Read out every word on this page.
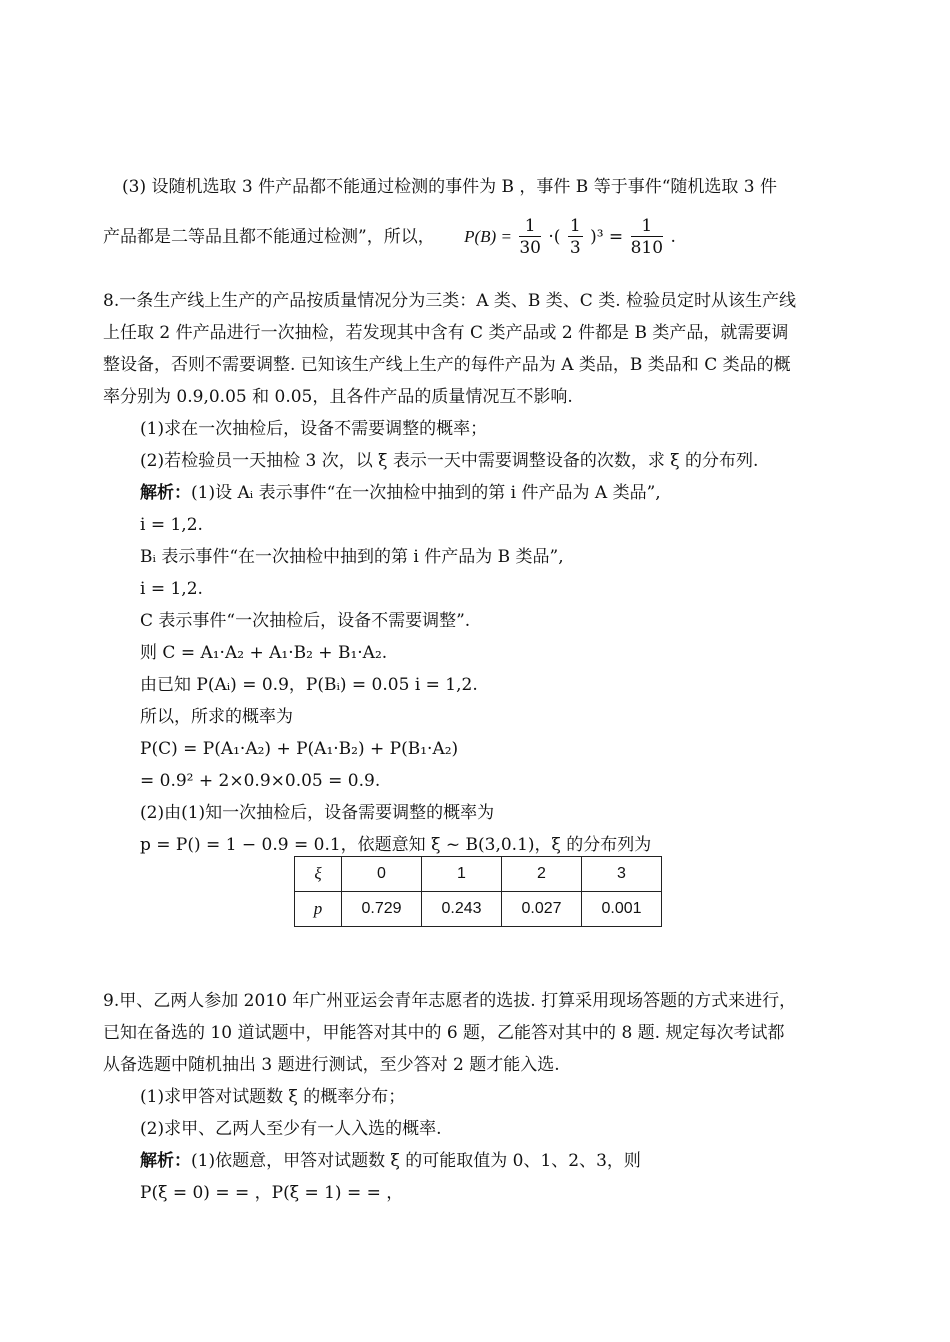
(3) 设随机选取 3 件产品都不能通过检测的事件为 B ，事件 B 等于事件“随机选取 3 件
产品都是二等品且都不能通过检测”，所以， $P(B) = \frac{1}{30}$ ·( $\frac{1}{3} )^3 = \frac{1}{810}$ .
8.一条生产线上生产的产品按质量情况分为三类：A 类、B 类、C 类. 检验员定时从该生产线
上任取 2 件产品进行一次抽检，若发现其中含有 C 类产品或 2 件都是 B 类产品，就需要调
整设备，否则不需要调整. 已知该生产线上生产的每件产品为 A 类品，B 类品和 C 类品的概
率分别为 0.9,0.05 和 0.05，且各件产品的质量情况互不影响.
(1)求在一次抽检后，设备不需要调整的概率；
(2)若检验员一天抽检 3 次，以 ξ 表示一天中需要调整设备的次数，求 ξ 的分布列.
解析：(1)设 Aᵢ 表示事件“在一次抽检中抽到的第 i 件产品为 A 类品”,
i = 1,2.
Bᵢ 表示事件“在一次抽检中抽到的第 i 件产品为 B 类品”,
i = 1,2.
C 表示事件“一次抽检后，设备不需要调整”.
则 C = A₁·A₂ + A₁·B₂ + B₁·A₂.
由已知 P(Aᵢ) = 0.9，P(Bᵢ) = 0.05 i = 1,2.
所以，所求的概率为
P(C) = P(A₁·A₂) + P(A₁·B₂) + P(B₁·A₂)
= 0.9² + 2×0.9×0.05 = 0.9.
(2)由(1)知一次抽检后，设备需要调整的概率为
p = P() = 1 − 0.9 = 0.1，依题意知 ξ ~ B(3,0.1)，ξ 的分布列为
ξ	0	1	2	3
p	0.729	0.243	0.027	0.001
9.甲、乙两人参加 2010 年广州亚运会青年志愿者的选拔. 打算采用现场答题的方式来进行，
已知在备选的 10 道试题中，甲能答对其中的 6 题，乙能答对其中的 8 题. 规定每次考试都
从备选题中随机抽出 3 题进行测试，至少答对 2 题才能入选.
(1)求甲答对试题数 ξ 的概率分布；
(2)求甲、乙两人至少有一人入选的概率.
解析：(1)依题意，甲答对试题数 ξ 的可能取值为 0、1、2、3，则
P(ξ = 0) = = ，P(ξ = 1) = = ，
